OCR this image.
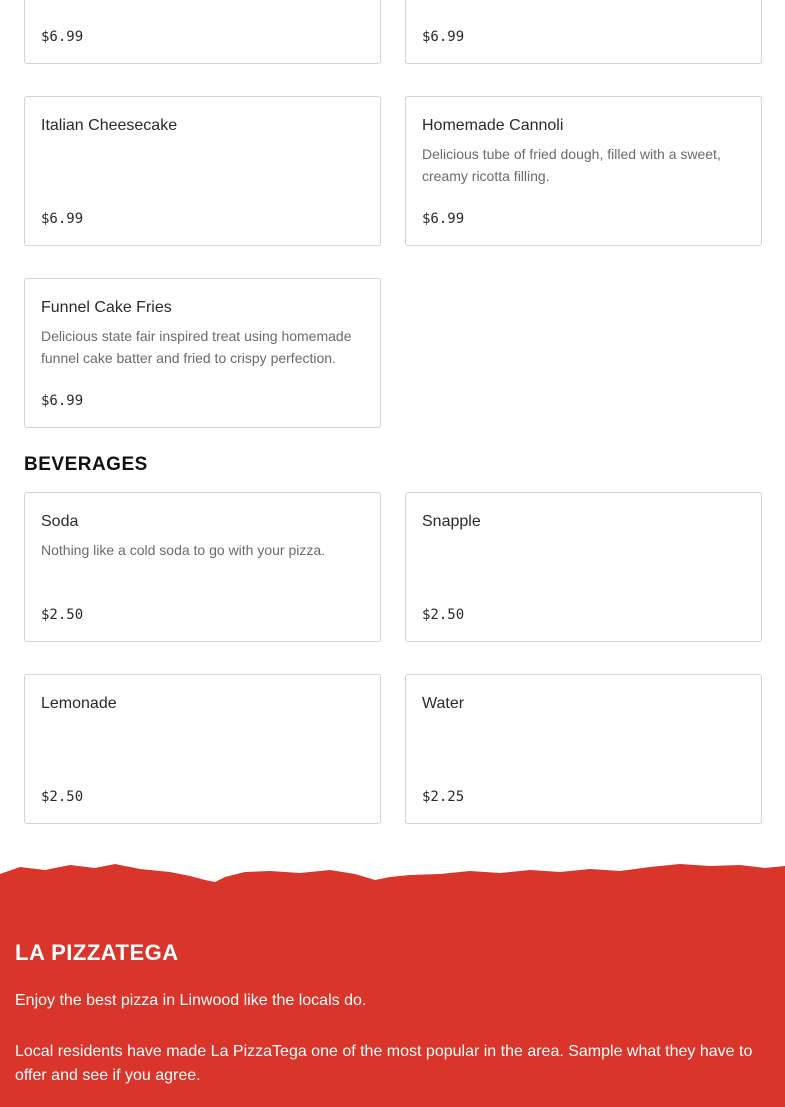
$6.99	$6.99
Italian Cheesecake
$6.99
Homemade Cannoli
Delicious tube of fried dough, filled with a sweet, creamy ricotta filling.
$6.99
Funnel Cake Fries
Delicious state fair inspired treat using homemade funnel cake batter and fried to crispy perfection.
$6.99
BEVERAGES
Soda
Nothing like a cold soda to go with your pizza.
$2.50
Snapple
$2.50
Lemonade
$2.50
Water
$2.25
LA PIZZATEGA
Enjoy the best pizza in Linwood like the locals do.
Local residents have made La PizzaTega one of the most popular in the area. Sample what they have to offer and see if you agree.
